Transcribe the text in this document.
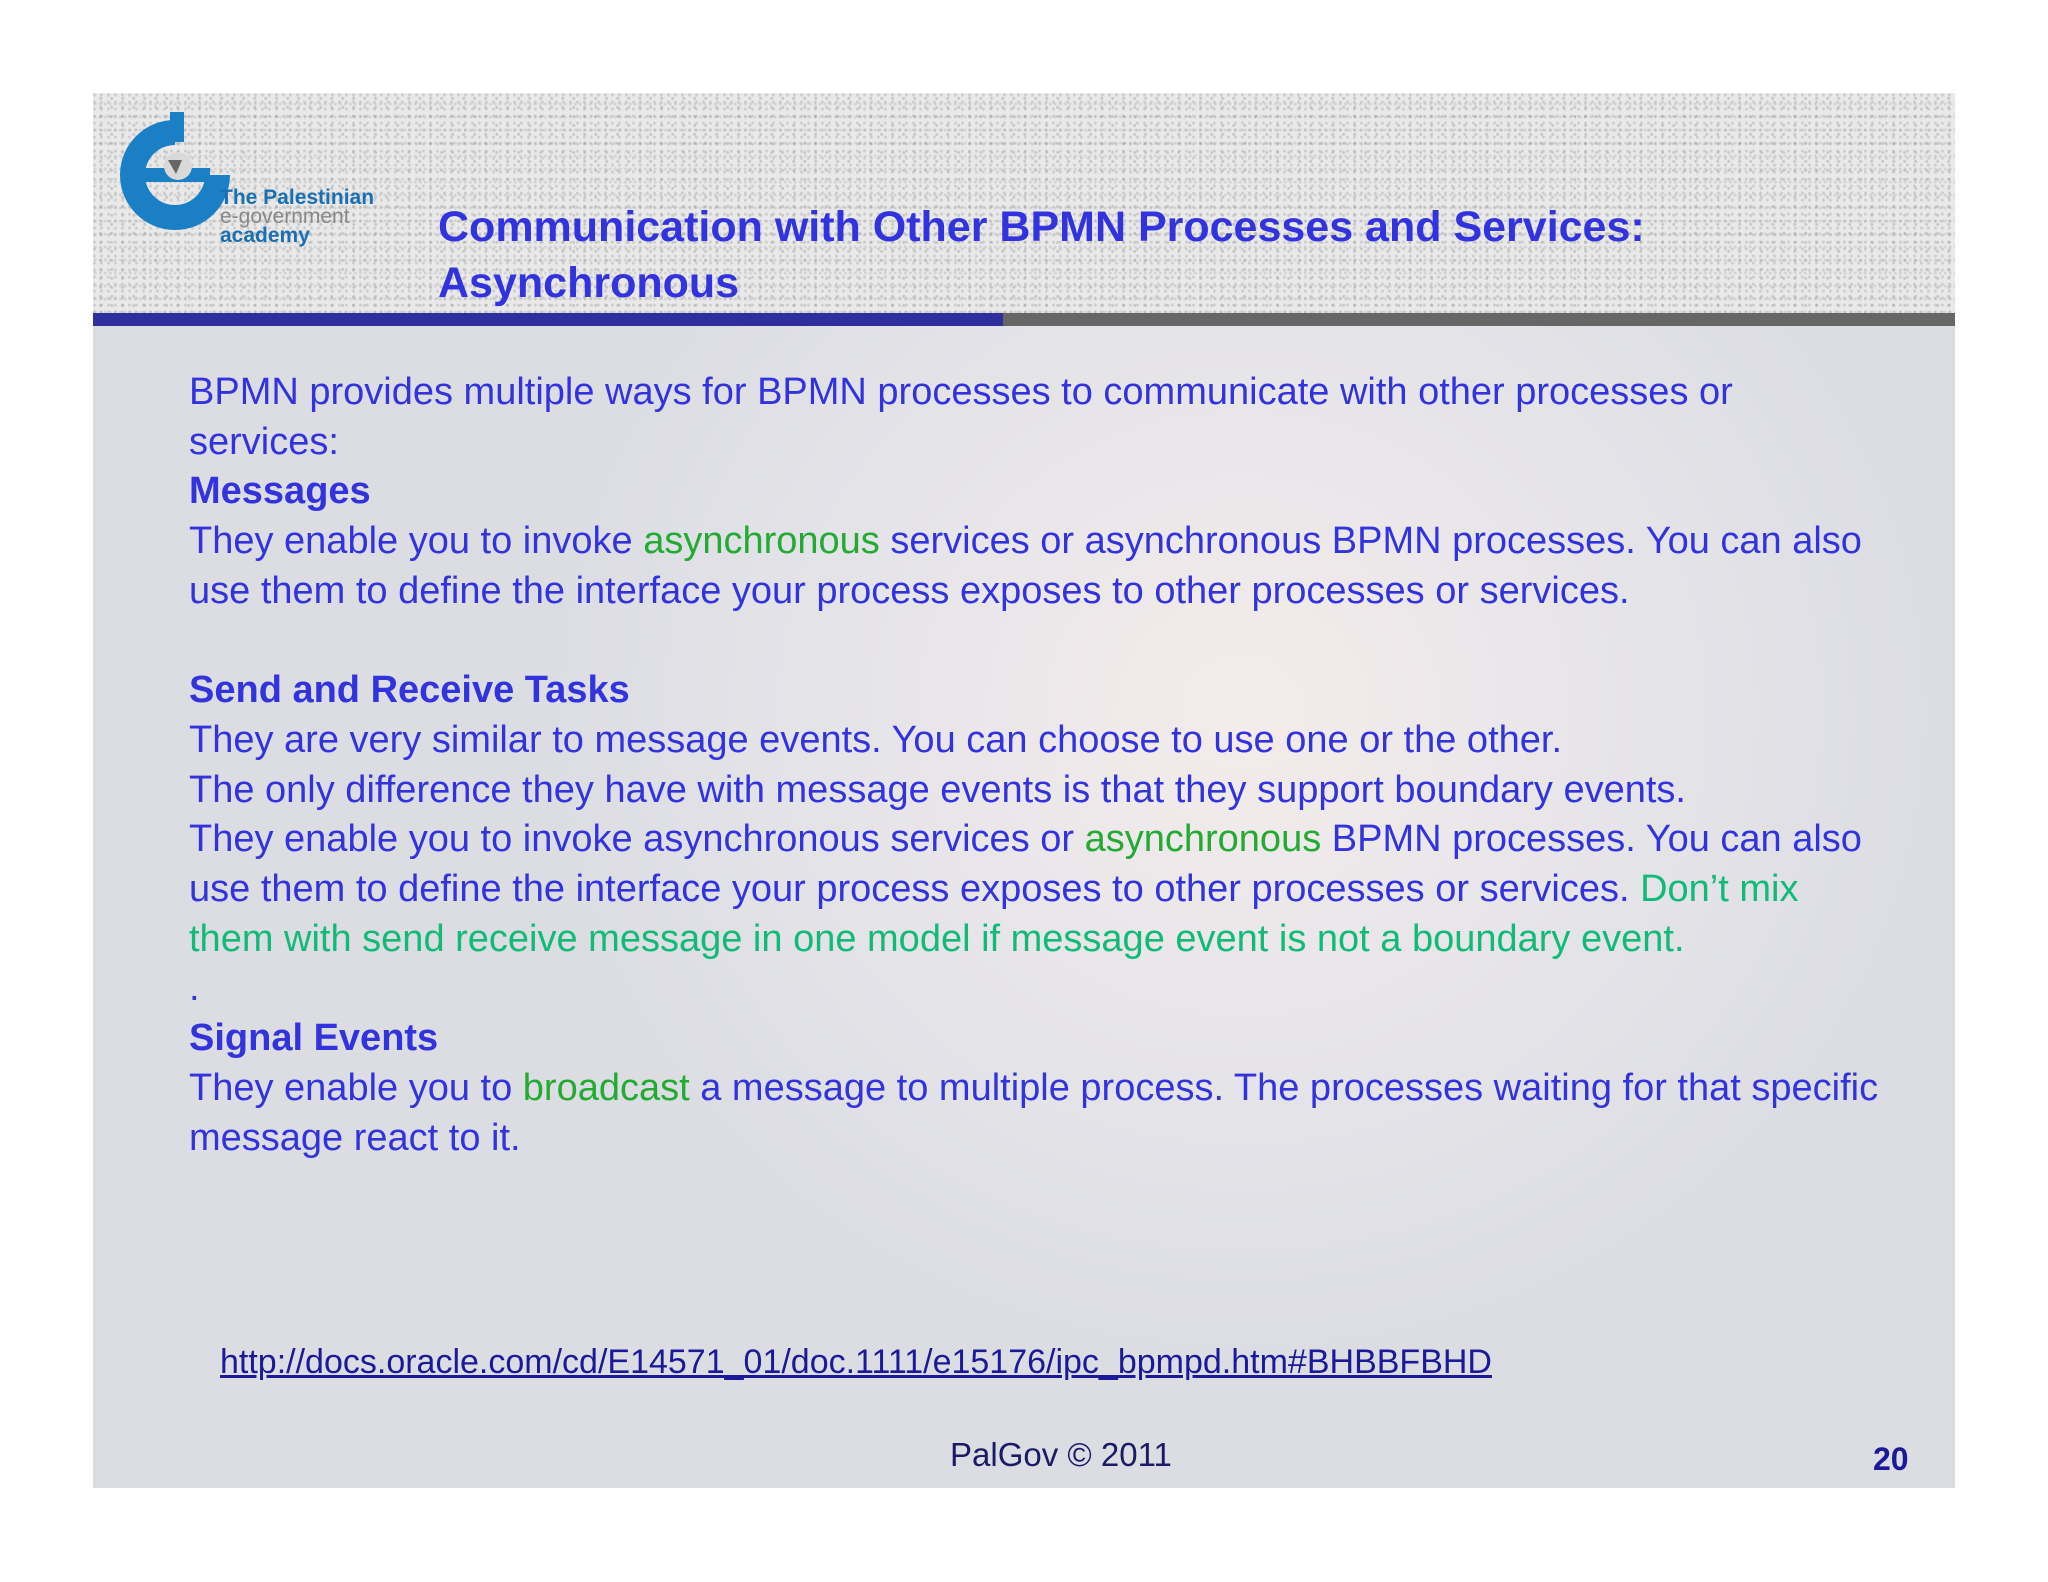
The Palestinian
e-government
academy	Communication with Other BPMN Processes and Services:
Asynchronous

BPMN provides multiple ways for BPMN processes to communicate with other processes or services:

Messages

They enable you to invoke asynchronous services or asynchronous BPMN processes. You can also use them to define the interface your process exposes to other processes or services.

Send and Receive Tasks

They are very similar to message events. You can choose to use one or the other.

The only difference they have with message events is that they support boundary events.

They enable you to invoke asynchronous services or asynchronous BPMN processes. You can also use them to define the interface your process exposes to other processes or services. Don’t mix them with send receive message in one model if message event is not a boundary event.

.

Signal Events

They enable you to broadcast a message to multiple process. The processes waiting for that specific message react to it.

http://docs.oracle.com/cd/E14571_01/doc.1111/e15176/ipc_bpmpd.htm#BHBBFBHD
PalGov © 2011	20
